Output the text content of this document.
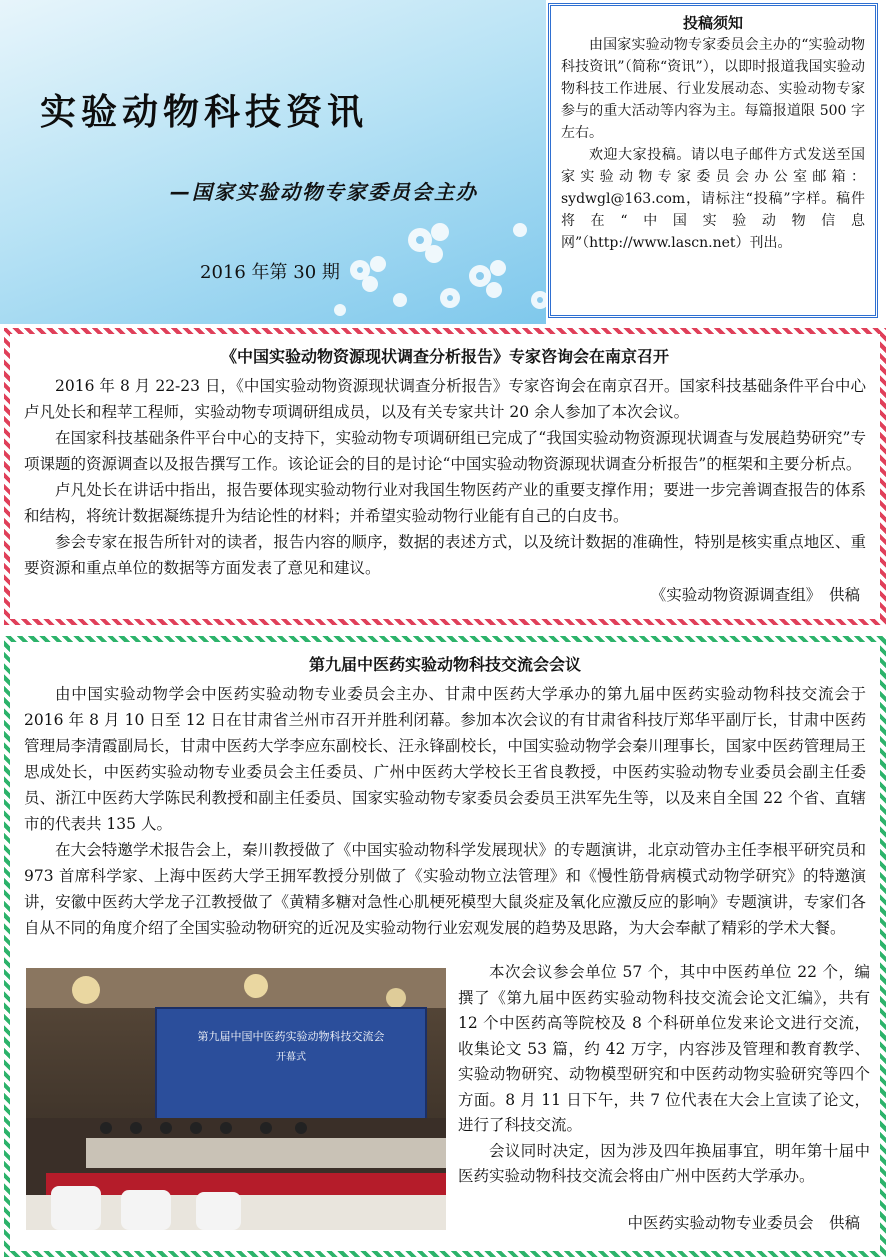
实验动物科技资讯
—国家实验动物专家委员会主办
2016 年第 30 期
投稿须知

由国家实验动物专家委员会主办的“实验动物科技资讯”（简称“资讯”），以即时报道我国实验动物科技工作进展、行业发展动态、实验动物专家参与的重大活动等内容为主。每篇报道限 500 字左右。

欢迎大家投稿。请以电子邮件方式发送至国家实验动物专家委员会办公室邮箱：sydwgl@163.com，请标注“投稿”字样。稿件将在“中国实验动物信息网”（http://www.lascn.net）刊出。

《中国实验动物资源现状调查分析报告》专家咨询会在南京召开

2016 年 8 月 22-23 日，《中国实验动物资源现状调查分析报告》专家咨询会在南京召开。国家科技基础条件平台中心卢凡处长和程苹工程师，实验动物专项调研组成员，以及有关专家共计 20 余人参加了本次会议。

在国家科技基础条件平台中心的支持下，实验动物专项调研组已完成了“我国实验动物资源现状调查与发展趋势研究”专项课题的资源调查以及报告撰写工作。该论证会的目的是讨论“中国实验动物资源现状调查分析报告”的框架和主要分析点。

卢凡处长在讲话中指出，报告要体现实验动物行业对我国生物医药产业的重要支撑作用；要进一步完善调查报告的体系和结构，将统计数据凝练提升为结论性的材料；并希望实验动物行业能有自己的白皮书。

参会专家在报告所针对的读者，报告内容的顺序，数据的表述方式，以及统计数据的准确性，特别是核实重点地区、重要资源和重点单位的数据等方面发表了意见和建议。

《实验动物资源调查组》　供稿

第九届中医药实验动物科技交流会会议

由中国实验动物学会中医药实验动物专业委员会主办、甘肃中医药大学承办的第九届中医药实验动物科技交流会于 2016 年 8 月 10 日至 12 日在甘肃省兰州市召开并胜利闭幕。参加本次会议的有甘肃省科技厅郑华平副厅长，甘肃中医药管理局李清霞副局长，甘肃中医药大学李应东副校长、汪永锋副校长，中国实验动物学会秦川理事长，国家中医药管理局王思成处长，中医药实验动物专业委员会主任委员、广州中医药大学校长王省良教授，中医药实验动物专业委员会副主任委员、浙江中医药大学陈民利教授和副主任委员、国家实验动物专家委员会委员王洪军先生等，以及来自全国 22 个省、直辖市的代表共 135 人。

在大会特邀学术报告会上，秦川教授做了《中国实验动物科学发展现状》的专题演讲，北京动管办主任李根平研究员和 973 首席科学家、上海中医药大学王拥军教授分别做了《实验动物立法管理》和《慢性筋骨病模式动物学研究》的特邀演讲，安徽中医药大学龙子江教授做了《黄精多糖对急性心肌梗死模型大鼠炎症及氧化应激反应的影响》专题演讲，专家们各自从不同的角度介绍了全国实验动物研究的近况及实验动物行业宏观发展的趋势及思路，为大会奉献了精彩的学术大餐。

第九届中国中医药实验动物科技交流会
开幕式

本次会议参会单位 57 个，其中中医药单位 22 个，编撰了《第九届中医药实验动物科技交流会论文汇编》，共有 12 个中医药高等院校及 8 个科研单位发来论文进行交流，收集论文 53 篇，约 42 万字，内容涉及管理和教育教学、实验动物研究、动物模型研究和中医药动物实验研究等四个方面。8 月 11 日下午，共 7 位代表在大会上宣读了论文，进行了科技交流。

会议同时决定，因为涉及四年换届事宜，明年第十届中医药实验动物科技交流会将由广州中医药大学承办。

中医药实验动物专业委员会　供稿
